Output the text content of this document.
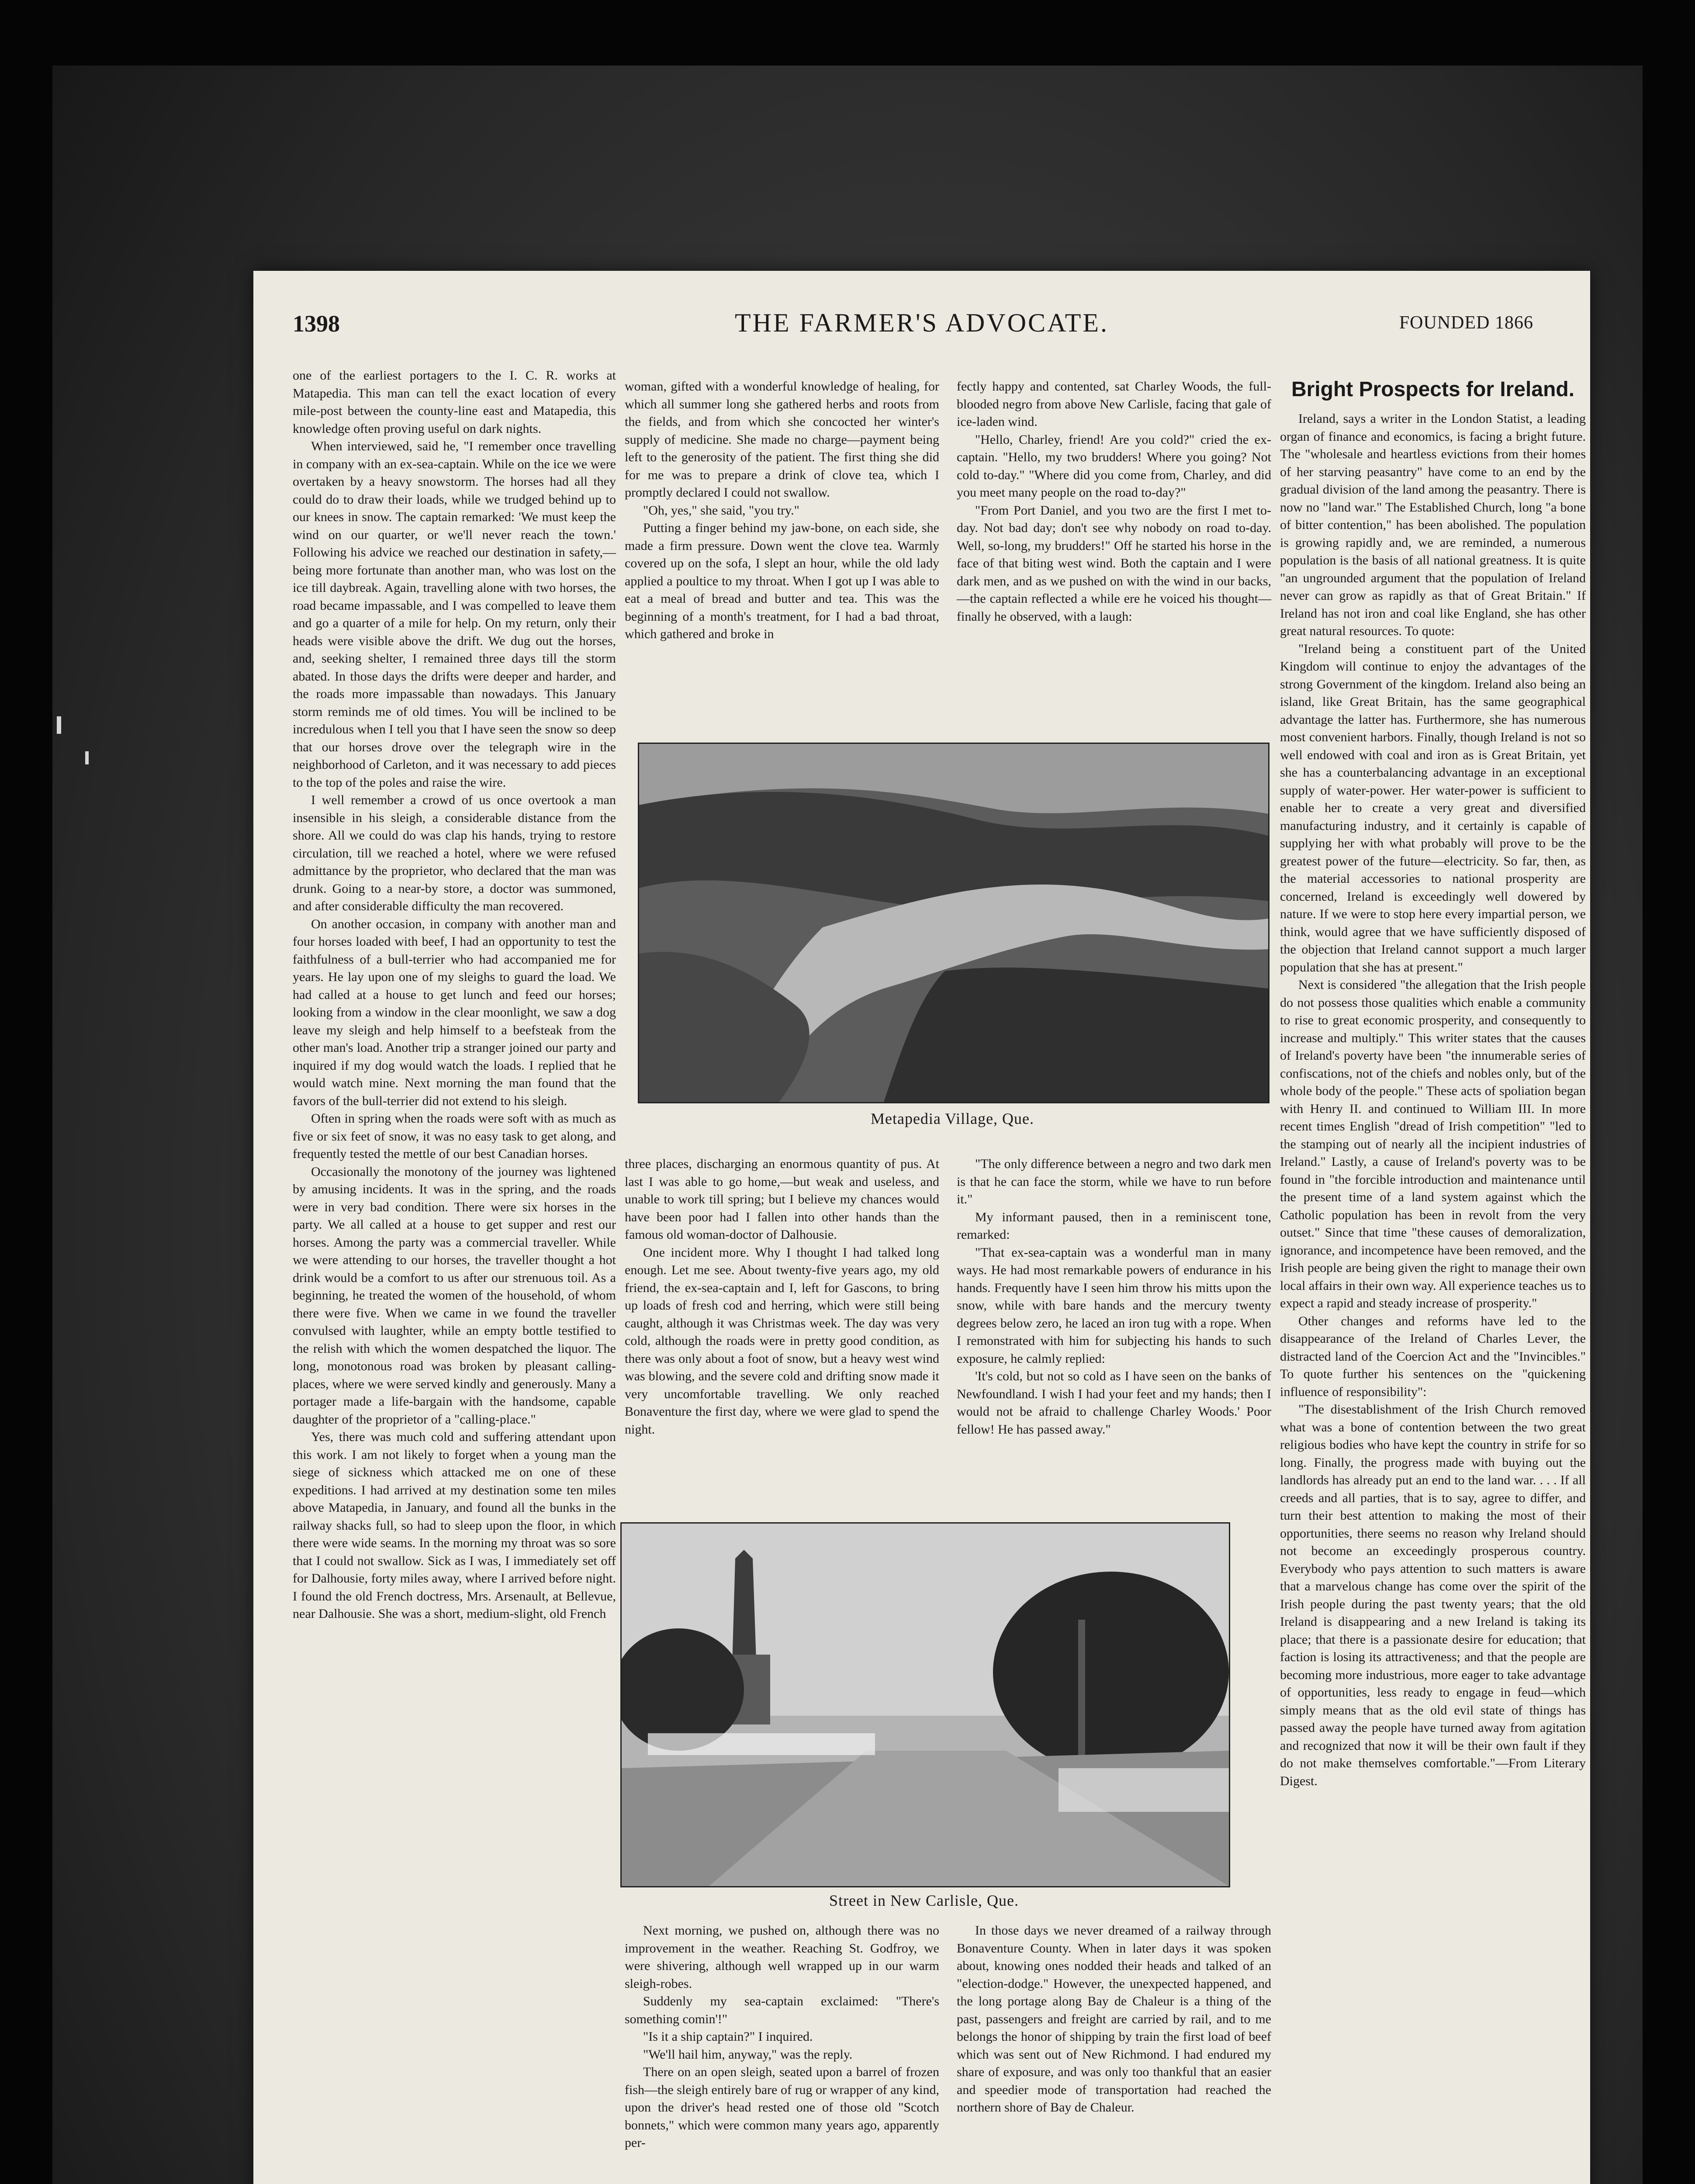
1398	THE FARMER'S ADVOCATE.	FOUNDED 1866

one of the earliest portagers to the I. C. R. works at Matapedia. This man can tell the exact location of every mile-post between the county-line east and Matapedia, this knowledge often proving useful on dark nights.

When interviewed, said he, "I remember once travelling in company with an ex-sea-captain. While on the ice we were overtaken by a heavy snowstorm. The horses had all they could do to draw their loads, while we trudged behind up to our knees in snow. The captain remarked: 'We must keep the wind on our quarter, or we'll never reach the town.' Following his advice we reached our destination in safety,—being more fortunate than another man, who was lost on the ice till daybreak. Again, travelling alone with two horses, the road became impassable, and I was compelled to leave them and go a quarter of a mile for help. On my return, only their heads were visible above the drift. We dug out the horses, and, seeking shelter, I remained three days till the storm abated. In those days the drifts were deeper and harder, and the roads more impassable than nowadays. This January storm reminds me of old times. You will be inclined to be incredulous when I tell you that I have seen the snow so deep that our horses drove over the telegraph wire in the neighborhood of Carleton, and it was necessary to add pieces to the top of the poles and raise the wire.

I well remember a crowd of us once overtook a man insensible in his sleigh, a considerable distance from the shore. All we could do was clap his hands, trying to restore circulation, till we reached a hotel, where we were refused admittance by the proprietor, who declared that the man was drunk. Going to a near-by store, a doctor was summoned, and after considerable difficulty the man recovered.

On another occasion, in company with another man and four horses loaded with beef, I had an opportunity to test the faithfulness of a bull-terrier who had accompanied me for years. He lay upon one of my sleighs to guard the load. We had called at a house to get lunch and feed our horses; looking from a window in the clear moonlight, we saw a dog leave my sleigh and help himself to a beefsteak from the other man's load. Another trip a stranger joined our party and inquired if my dog would watch the loads. I replied that he would watch mine. Next morning the man found that the favors of the bull-terrier did not extend to his sleigh.

Often in spring when the roads were soft with as much as five or six feet of snow, it was no easy task to get along, and frequently tested the mettle of our best Canadian horses.

Occasionally the monotony of the journey was lightened by amusing incidents. It was in the spring, and the roads were in very bad condition. There were six horses in the party. We all called at a house to get supper and rest our horses. Among the party was a commercial traveller. While we were attending to our horses, the traveller thought a hot drink would be a comfort to us after our strenuous toil. As a beginning, he treated the women of the household, of whom there were five. When we came in we found the traveller convulsed with laughter, while an empty bottle testified to the relish with which the women despatched the liquor. The long, monotonous road was broken by pleasant calling-places, where we were served kindly and generously. Many a portager made a life-bargain with the handsome, capable daughter of the proprietor of a "calling-place."

Yes, there was much cold and suffering attendant upon this work. I am not likely to forget when a young man the siege of sickness which attacked me on one of these expeditions. I had arrived at my destination some ten miles above Matapedia, in January, and found all the bunks in the railway shacks full, so had to sleep upon the floor, in which there were wide seams. In the morning my throat was so sore that I could not swallow. Sick as I was, I immediately set off for Dalhousie, forty miles away, where I arrived before night. I found the old French doctress, Mrs. Arsenault, at Bellevue, near Dalhousie. She was a short, medium-slight, old French

woman, gifted with a wonderful knowledge of healing, for which all summer long she gathered herbs and roots from the fields, and from which she concocted her winter's supply of medicine. She made no charge—payment being left to the generosity of the patient. The first thing she did for me was to prepare a drink of clove tea, which I promptly declared I could not swallow.

"Oh, yes," she said, "you try."

Putting a finger behind my jaw-bone, on each side, she made a firm pressure. Down went the clove tea. Warmly covered up on the sofa, I slept an hour, while the old lady applied a poultice to my throat. When I got up I was able to eat a meal of bread and butter and tea. This was the beginning of a month's treatment, for I had a bad throat, which gathered and broke in

fectly happy and contented, sat Charley Woods, the full-blooded negro from above New Carlisle, facing that gale of ice-laden wind.

"Hello, Charley, friend! Are you cold?" cried the ex-captain. "Hello, my two brudders! Where you going? Not cold to-day." "Where did you come from, Charley, and did you meet many people on the road to-day?"

"From Port Daniel, and you two are the first I met to-day. Not bad day; don't see why nobody on road to-day. Well, so-long, my brudders!" Off he started his horse in the face of that biting west wind. Both the captain and I were dark men, and as we pushed on with the wind in our backs,—the captain reflected a while ere he voiced his thought—finally he observed, with a laugh:

Metapedia Village, Que.

three places, discharging an enormous quantity of pus. At last I was able to go home,—but weak and useless, and unable to work till spring; but I believe my chances would have been poor had I fallen into other hands than the famous old woman-doctor of Dalhousie.

One incident more. Why I thought I had talked long enough. Let me see. About twenty-five years ago, my old friend, the ex-sea-captain and I, left for Gascons, to bring up loads of fresh cod and herring, which were still being caught, although it was Christmas week. The day was very cold, although the roads were in pretty good condition, as there was only about a foot of snow, but a heavy west wind was blowing, and the severe cold and drifting snow made it very uncomfortable travelling. We only reached Bonaventure the first day, where we were glad to spend the night.

"The only difference between a negro and two dark men is that he can face the storm, while we have to run before it."

My informant paused, then in a reminiscent tone, remarked:

"That ex-sea-captain was a wonderful man in many ways. He had most remarkable powers of endurance in his hands. Frequently have I seen him throw his mitts upon the snow, while with bare hands and the mercury twenty degrees below zero, he laced an iron tug with a rope. When I remonstrated with him for subjecting his hands to such exposure, he calmly replied:

'It's cold, but not so cold as I have seen on the banks of Newfoundland. I wish I had your feet and my hands; then I would not be afraid to challenge Charley Woods.' Poor fellow! He has passed away."

Street in New Carlisle, Que.

Next morning, we pushed on, although there was no improvement in the weather. Reaching St. Godfroy, we were shivering, although well wrapped up in our warm sleigh-robes.

Suddenly my sea-captain exclaimed: "There's something comin'!"

"Is it a ship captain?" I inquired.

"We'll hail him, anyway," was the reply.

There on an open sleigh, seated upon a barrel of frozen fish—the sleigh entirely bare of rug or wrapper of any kind, upon the driver's head rested one of those old "Scotch bonnets," which were common many years ago, apparently per-

In those days we never dreamed of a railway through Bonaventure County. When in later days it was spoken about, knowing ones nodded their heads and talked of an "election-dodge." However, the unexpected happened, and the long portage along Bay de Chaleur is a thing of the past, passengers and freight are carried by rail, and to me belongs the honor of shipping by train the first load of beef which was sent out of New Richmond. I had endured my share of exposure, and was only too thankful that an easier and speedier mode of transportation had reached the northern shore of Bay de Chaleur.

Bright Prospects for Ireland.

Ireland, says a writer in the London Statist, a leading organ of finance and economics, is facing a bright future. The "wholesale and heartless evictions from their homes of her starving peasantry" have come to an end by the gradual division of the land among the peasantry. There is now no "land war." The Established Church, long "a bone of bitter contention," has been abolished. The population is growing rapidly and, we are reminded, a numerous population is the basis of all national greatness. It is quite "an ungrounded argument that the population of Ireland never can grow as rapidly as that of Great Britain." If Ireland has not iron and coal like England, she has other great natural resources. To quote:

"Ireland being a constituent part of the United Kingdom will continue to enjoy the advantages of the strong Government of the kingdom. Ireland also being an island, like Great Britain, has the same geographical advantage the latter has. Furthermore, she has numerous most convenient harbors. Finally, though Ireland is not so well endowed with coal and iron as is Great Britain, yet she has a counterbalancing advantage in an exceptional supply of water-power. Her water-power is sufficient to enable her to create a very great and diversified manufacturing industry, and it certainly is capable of supplying her with what probably will prove to be the greatest power of the future—electricity. So far, then, as the material accessories to national prosperity are concerned, Ireland is exceedingly well dowered by nature. If we were to stop here every impartial person, we think, would agree that we have sufficiently disposed of the objection that Ireland cannot support a much larger population that she has at present."

Next is considered "the allegation that the Irish people do not possess those qualities which enable a community to rise to great economic prosperity, and consequently to increase and multiply." This writer states that the causes of Ireland's poverty have been "the innumerable series of confiscations, not of the chiefs and nobles only, but of the whole body of the people." These acts of spoliation began with Henry II. and continued to William III. In more recent times English "dread of Irish competition" "led to the stamping out of nearly all the incipient industries of Ireland." Lastly, a cause of Ireland's poverty was to be found in "the forcible introduction and maintenance until the present time of a land system against which the Catholic population has been in revolt from the very outset." Since that time "these causes of demoralization, ignorance, and incompetence have been removed, and the Irish people are being given the right to manage their own local affairs in their own way. All experience teaches us to expect a rapid and steady increase of prosperity."

Other changes and reforms have led to the disappearance of the Ireland of Charles Lever, the distracted land of the Coercion Act and the "Invincibles." To quote further his sentences on the "quickening influence of responsibility":

"The disestablishment of the Irish Church removed what was a bone of contention between the two great religious bodies who have kept the country in strife for so long. Finally, the progress made with buying out the landlords has already put an end to the land war. . . . If all creeds and all parties, that is to say, agree to differ, and turn their best attention to making the most of their opportunities, there seems no reason why Ireland should not become an exceedingly prosperous country. Everybody who pays attention to such matters is aware that a marvelous change has come over the spirit of the Irish people during the past twenty years; that the old Ireland is disappearing and a new Ireland is taking its place; that there is a passionate desire for education; that faction is losing its attractiveness; and that the people are becoming more industrious, more eager to take advantage of opportunities, less ready to engage in feud—which simply means that as the old evil state of things has passed away the people have turned away from agitation and recognized that now it will be their own fault if they do not make themselves comfortable."—From Literary Digest.
